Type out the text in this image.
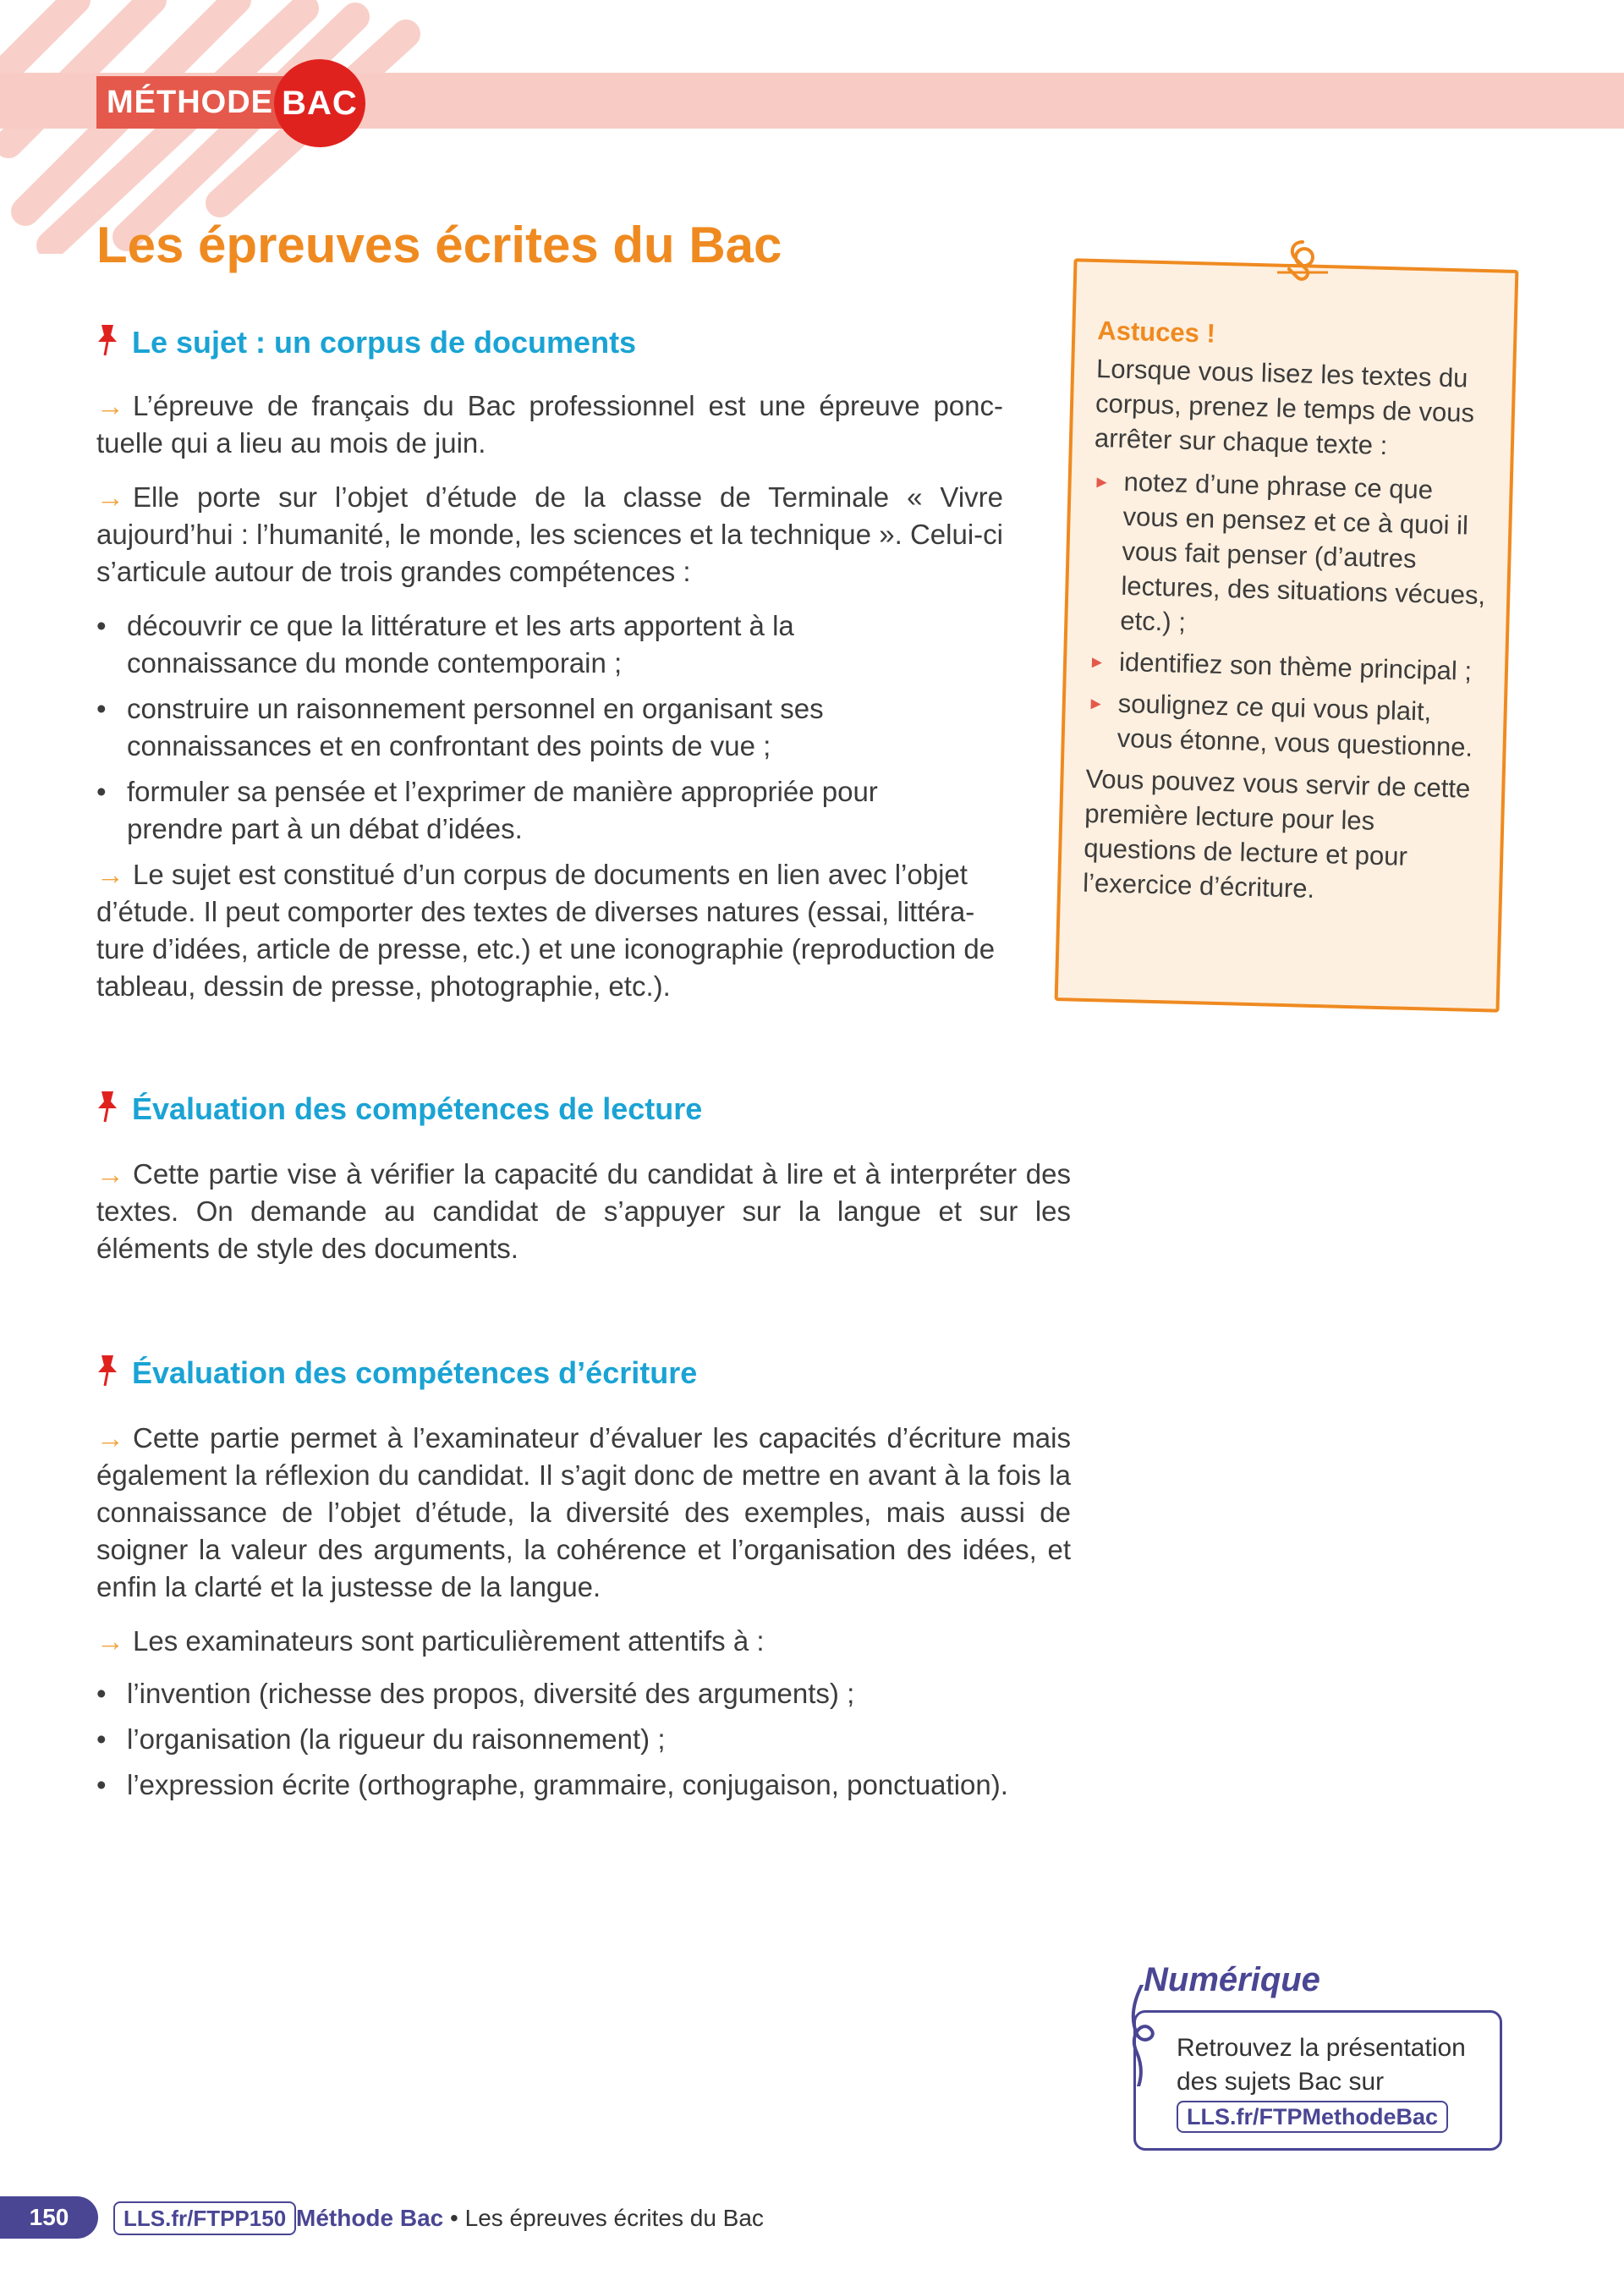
MÉTHODE BAC
Les épreuves écrites du Bac
Le sujet : un corpus de documents
→ L’épreuve de français du Bac professionnel est une épreuve ponc-tuelle qui a lieu au mois de juin.
→ Elle porte sur l’objet d’étude de la classe de Terminale « Vivre aujourd’hui : l’humanité, le monde, les sciences et la technique ». Celui-ci s’articule autour de trois grandes compétences :
• découvrir ce que la littérature et les arts apportent à la connaissance du monde contemporain ;
• construire un raisonnement personnel en organisant ses connaissances et en confrontant des points de vue ;
• formuler sa pensée et l’exprimer de manière appropriée pour prendre part à un débat d’idées.
→ Le sujet est constitué d’un corpus de documents en lien avec l’objet d’étude. Il peut comporter des textes de diverses natures (essai, littéra-ture d’idées, article de presse, etc.) et une iconographie (reproduction de tableau, dessin de presse, photographie, etc.).
Astuces !
Lorsque vous lisez les textes du corpus, prenez le temps de vous arrêter sur chaque texte :
► notez d’une phrase ce que vous en pensez et ce à quoi il vous fait penser (d’autres lectures, des situations vécues, etc.) ;
► identifiez son thème principal ;
► soulignez ce qui vous plait, vous étonne, vous questionne.
Vous pouvez vous servir de cette première lecture pour les questions de lecture et pour l’exercice d’écriture.
Évaluation des compétences de lecture
→ Cette partie vise à vérifier la capacité du candidat à lire et à interpréter des textes. On demande au candidat de s’appuyer sur la langue et sur les éléments de style des documents.
Évaluation des compétences d’écriture
→ Cette partie permet à l’examinateur d’évaluer les capacités d’écriture mais également la réflexion du candidat. Il s’agit donc de mettre en avant à la fois la connaissance de l’objet d’étude, la diversité des exemples, mais aussi de soigner la valeur des arguments, la cohérence et l’organisation des idées, et enfin la clarté et la justesse de la langue.
→ Les examinateurs sont particulièrement attentifs à :
• l’invention (richesse des propos, diversité des arguments) ;
• l’organisation (la rigueur du raisonnement) ;
• l’expression écrite (orthographe, grammaire, conjugaison, ponctuation).
Numérique
Retrouvez la présentation
des sujets Bac sur
LLS.fr/FTPMethodeBac
150	LLS.fr/FTPP150 Méthode Bac • Les épreuves écrites du Bac
